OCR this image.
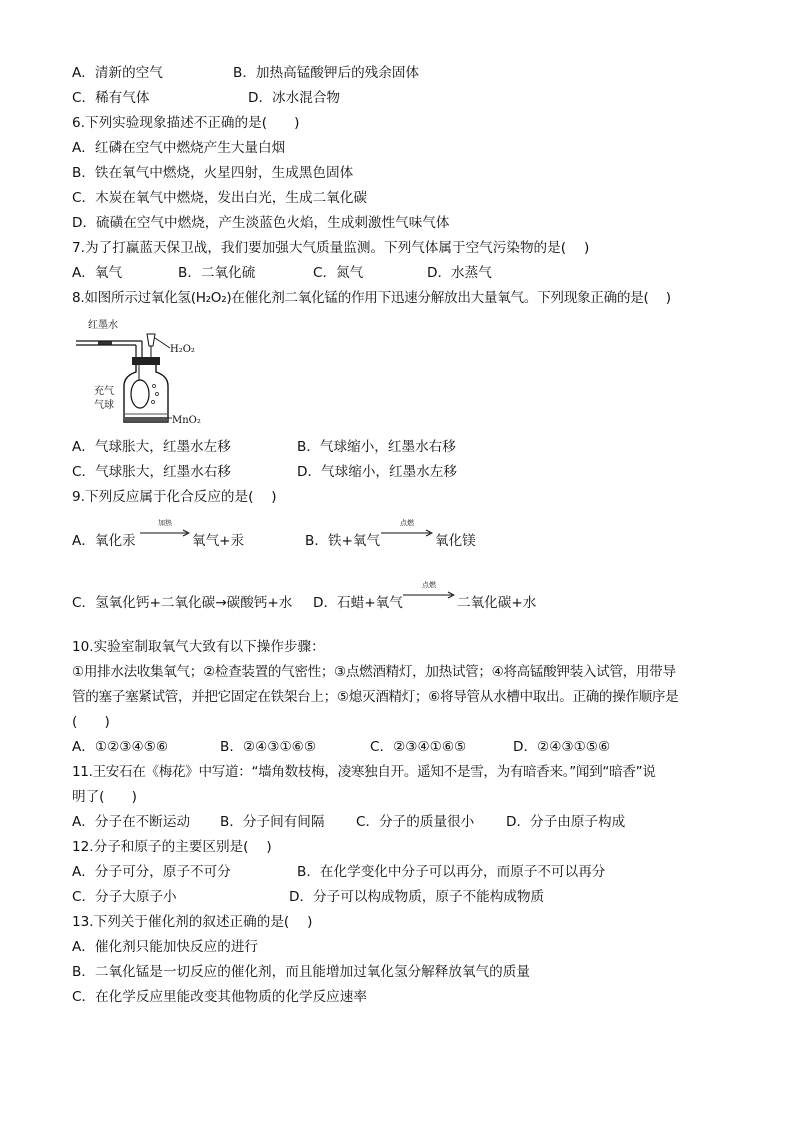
A．清新的空气	B．加热高锰酸钾后的残余固体
C．稀有气体	D．冰水混合物
6.下列实验现象描述不正确的是(　　)
A．红磷在空气中燃烧产生大量白烟
B．铁在氧气中燃烧，火星四射，生成黑色固体
C．木炭在氧气中燃烧，发出白光，生成二氧化碳
D．硫磺在空气中燃烧，产生淡蓝色火焰，生成刺激性气味气体
7.为了打赢蓝天保卫战，我们要加强大气质量监测。下列气体属于空气污染物的是(　 )
A．氧气	B．二氧化硫	C．氮气	D．水蒸气
8.如图所示过氧化氢(H₂O₂)在催化剂二氧化锰的作用下迅速分解放出大量氧气。下列现象正确的是(　 )
红墨水
H₂O₂
充气
气球
MnO₂
A．气球胀大，红墨水左移	B．气球缩小，红墨水右移
C．气球胀大，红墨水右移	D．气球缩小，红墨水左移
9.下列反应属于化合反应的是(　 )
A．氧化汞
加热
氧气+汞	B．铁+氧气
点燃
氧化镁
C．氢氧化钙+二氧化碳→碳酸钙+水 D．石蜡+氧气
点燃
二氧化碳+水
10.实验室制取氧气大致有以下操作步骤：
①用排水法收集氧气；②检查装置的气密性；③点燃酒精灯，加热试管；④将高锰酸钾装入试管，用带导
管的塞子塞紧试管，并把它固定在铁架台上；⑤熄灭酒精灯；⑥将导管从水槽中取出。正确的操作顺序是
(　　)
A．①②③④⑤⑥	B．②④③①⑥⑤	C．②③④①⑥⑤	D．②④③①⑤⑥
11.王安石在《梅花》中写道：“墙角数枝梅，凌寒独自开。遥知不是雪，为有暗香来。”闻到“暗香”说
明了(　　)
A．分子在不断运动 B．分子间有间隔 C．分子的质量很小 D．分子由原子构成
12.分子和原子的主要区别是(　 )
A．分子可分，原子不可分	B．在化学变化中分子可以再分，而原子不可以再分
C．分子大原子小	D．分子可以构成物质，原子不能构成物质
13.下列关于催化剂的叙述正确的是(　 )
A．催化剂只能加快反应的进行
B．二氧化锰是一切反应的催化剂，而且能增加过氧化氢分解释放氧气的质量
C．在化学反应里能改变其他物质的化学反应速率
